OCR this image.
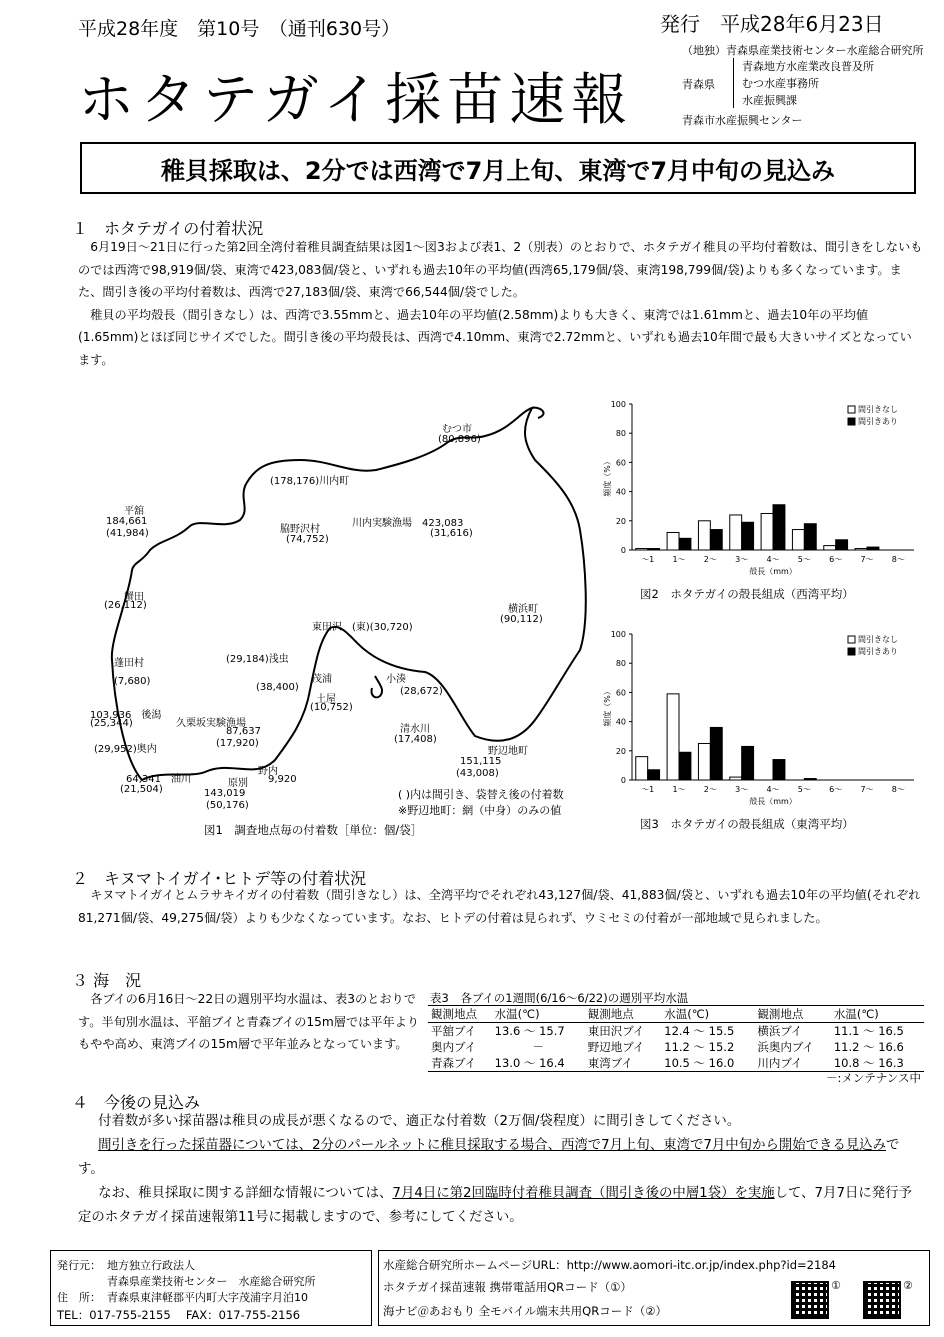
平成28年度　第10号　（通刊630号）	発行　平成28年6月23日
ホタテガイ採苗速報
（地独）青森県産業技術センター水産総合研究所
青森県
青森地方水産業改良普及所
むつ水産事務所
水産振興課
青森市水産振興センター
稚貝採取は、2分では西湾で7月上旬、東湾で7月中旬の見込み
１　ホタテガイの付着状況

6月19日～21日に行った第2回全湾付着稚貝調査結果は図1～図3および表1、2（別表）のとおりで、ホタテガイ稚貝の平均付着数は、間引きをしないものでは西湾で98,919個/袋、東湾で423,083個/袋と、いずれも過去10年の平均値(西湾65,179個/袋、東湾198,799個/袋)よりも多くなっています。また、間引き後の平均付着数は、西湾で27,183個/袋、東湾で66,544個/袋でした。

稚貝の平均殻長（間引きなし）は、西湾で3.55mmと、過去10年の平均値(2.58mm)よりも大きく、東湾では1.61mmと、過去10年の平均値(1.65mm)とほぼ同じサイズでした。間引き後の平均殻長は、西湾で4.10mm、東湾で2.72mmと、いずれも過去10年間で最も大きいサイズとなっています。

むつ市
(80,896)
(178,176)川内町
脇野沢村
(74,752)
川内実験漁場　423,083
(31,616)
平舘
184,661
(41,984)
蟹田
(26,112)	横浜町
(90,112)
蓬田村
(7,680)
東田沢　(東)(30,720)
(29,184)浅虫
茂浦
(38,400)
土屋
(10,752)
小湊
(28,672)
103,936　後潟
(25,344)	久栗坂実験漁場
87,637
(17,920)
清水川
(17,408)
(29,952)奥内
野内
9,920
野辺地町
151,115
(43,008)
64,341　油川
(21,504)
原別
143,019
(50,176)
( )内は間引き、袋替え後の付着数
※野辺地町：網（中身）のみの値
図1　調査地点毎の付着数［単位：個/袋］
0
20
40
60
80
100
頻度（%）
～1 1～ 2～ 3～ 4～ 5～ 6～ 7～ 8～
殻長（mm）
間引きなし
間引きあり
図2　ホタテガイの殻長組成（西湾平均）
0
20
40
60
80
100
頻度（%）
～1 1～ 2～ 3～ 4～ 5～ 6～ 7～ 8～
殻長（mm）
間引きなし
間引きあり
図3　ホタテガイの殻長組成（東湾平均）
２　キヌマトイガイ･ヒトデ等の付着状況

キヌマトイガイとムラサキイガイの付着数（間引きなし）は、全湾平均でそれぞれ43,127個/袋、41,883個/袋と、いずれも過去10年の平均値(それぞれ81,271個/袋、49,275個/袋）よりも少なくなっています。なお、ヒトデの付着は見られず、ウミセミの付着が一部地域で見られました。

３ 海　況

各ブイの6月16日～22日の週別平均水温は、表3のとおりです。半旬別水温は、平舘ブイと青森ブイの15m層では平年よりもやや高め、東湾ブイの15m層で平年並みとなっています。

表3　各ブイの1週間(6/16～6/22)の週別平均水温
観測地点	水温(℃)	観測地点	水温(℃)	観測地点	水温(℃)
平舘ブイ	13.6 ～ 15.7	東田沢ブイ	12.4 ～ 15.5	横浜ブイ	11.1 ～ 16.5
奥内ブイ	－	野辺地ブイ	11.2 ～ 15.2	浜奥内ブイ	11.2 ～ 16.6
青森ブイ	13.0 ～ 16.4	東湾ブイ	10.5 ～ 16.0	川内ブイ	10.8 ～ 16.3
－:メンテナンス中
４　今後の見込み

付着数が多い採苗器は稚貝の成長が悪くなるので、適正な付着数（2万個/袋程度）に間引きしてください。

間引きを行った採苗器については、2分のパールネットに稚貝採取する場合、西湾で7月上旬、東湾で7月中旬から開始できる見込みです。

なお、稚貝採取に関する詳細な情報については、7月4日に第2回臨時付着稚貝調査（間引き後の中層1袋）を実施して、7月7日に発行予定のホタテガイ採苗速報第11号に掲載しますので、参考にしてください。

発行元： 地方独立行政法人
青森県産業技術センター　水産総合研究所
住　所： 青森県東津軽郡平内町大字茂浦字月泊10
TEL：017-755-2155　 FAX：017-755-2156
水産総合研究所ホームページURL：http://www.aomori-itc.or.jp/index.php?id=2184
ホタテガイ採苗速報 携帯電話用QRコード（①）
海ナビ＠あおもり 全モバイル端末共用QRコード（②）
①	②
